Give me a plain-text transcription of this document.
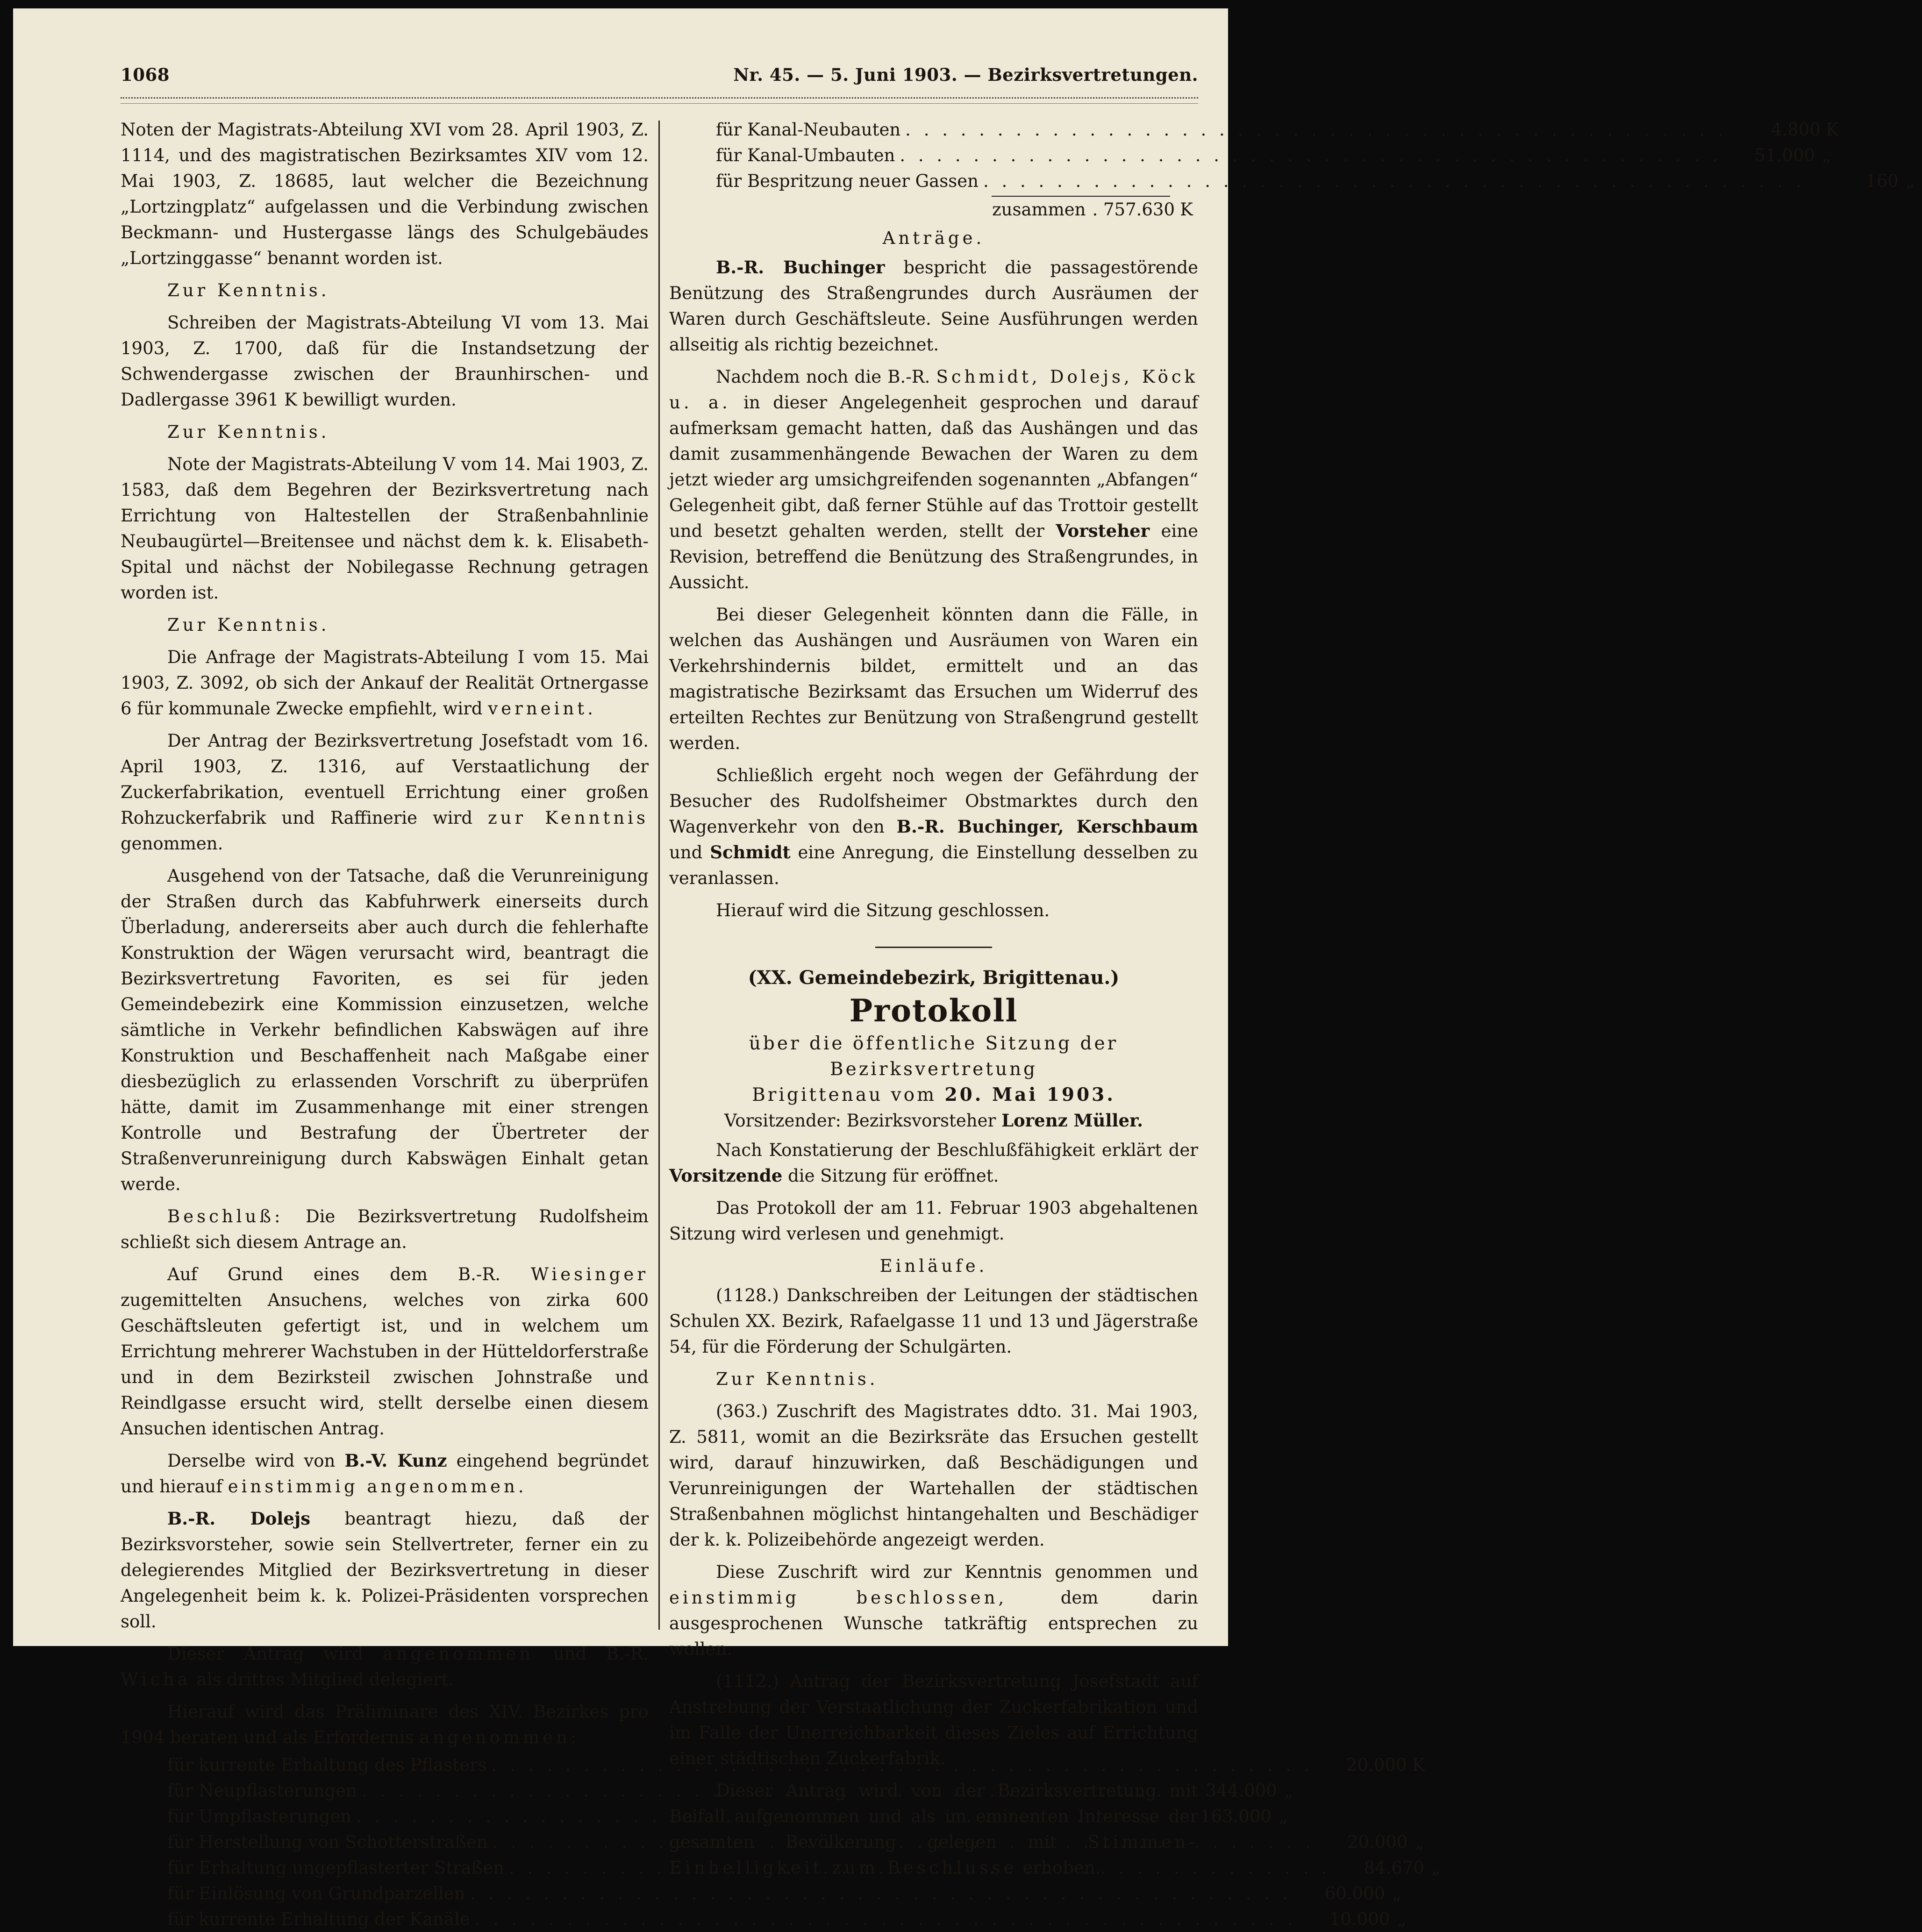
1068	Nr. 45. — 5. Juni 1903. — Bezirksvertretungen.

Noten der Magistrats-Abteilung XVI vom 28. April 1903, Z. 1114, und des magistratischen Bezirksamtes XIV vom 12. Mai 1903, Z. 18685, laut welcher die Bezeichnung „Lortzingplatz“ aufgelassen und die Verbindung zwischen Beckmann- und Hustergasse längs des Schulgebäudes „Lortzinggasse“ benannt worden ist.

Zur Kenntnis.

Schreiben der Magistrats-Abteilung VI vom 13. Mai 1903, Z. 1700, daß für die Instandsetzung der Schwendergasse zwischen der Braunhirschen- und Dadlergasse 3961 K bewilligt wurden.

Zur Kenntnis.

Note der Magistrats-Abteilung V vom 14. Mai 1903, Z. 1583, daß dem Begehren der Bezirksvertretung nach Errichtung von Haltestellen der Straßenbahnlinie Neubaugürtel—Breitensee und nächst dem k. k. Elisabeth-Spital und nächst der Nobilegasse Rechnung getragen worden ist.

Zur Kenntnis.

Die Anfrage der Magistrats-Abteilung I vom 15. Mai 1903, Z. 3092, ob sich der Ankauf der Realität Ortnergasse 6 für kommunale Zwecke empfiehlt, wird verneint.

Der Antrag der Bezirksvertretung Josefstadt vom 16. April 1903, Z. 1316, auf Verstaatlichung der Zuckerfabrikation, eventuell Errichtung einer großen Rohzuckerfabrik und Raffinerie wird zur Kenntnis genommen.

Ausgehend von der Tatsache, daß die Verunreinigung der Straßen durch das Kabfuhrwerk einerseits durch Überladung, andererseits aber auch durch die fehlerhafte Konstruktion der Wägen verursacht wird, beantragt die Bezirksvertretung Favoriten, es sei für jeden Gemeindebezirk eine Kommission einzusetzen, welche sämtliche in Verkehr befindlichen Kabswägen auf ihre Konstruktion und Beschaffenheit nach Maßgabe einer diesbezüglich zu erlassenden Vorschrift zu überprüfen hätte, damit im Zusammenhange mit einer strengen Kontrolle und Bestrafung der Übertreter der Straßenverunreinigung durch Kabswägen Einhalt getan werde.

Beschluß: Die Bezirksvertretung Rudolfsheim schließt sich diesem Antrage an.

Auf Grund eines dem B.-R. Wiesinger zugemittelten Ansuchens, welches von zirka 600 Geschäftsleuten gefertigt ist, und in welchem um Errichtung mehrerer Wachstuben in der Hütteldorferstraße und in dem Bezirksteil zwischen Johnstraße und Reindlgasse ersucht wird, stellt derselbe einen diesem Ansuchen identischen Antrag.

Derselbe wird von B.-V. Kunz eingehend begründet und hierauf einstimmig angenommen.

B.-R. Dolejs beantragt hiezu, daß der Bezirksvorsteher, sowie sein Stellvertreter, ferner ein zu delegierendes Mitglied der Bezirksvertretung in dieser Angelegenheit beim k. k. Polizei-Präsidenten vorsprechen soll.

Dieser Antrag wird angenommen und B.-R. Wicha als drittes Mitglied delegiert.

Hierauf wird das Präliminare des XIV. Bezirkes pro 1904 beraten und als Erfordernis angenommen:

für kurrente Erhaltung des Pflasters . . .	20.000 K
für Neupflasterungen . . .	344.000 „
für Umpflasterungen . . .	163.000 „
für Herstellung von Schotterstraßen . . .	20.000 „
für Erhaltung ungepflasterter Straßen . . .	84.670 „
für Einlösung von Grundparzellen . . .	60.000 „
für kurrente Erhaltung der Kanäle . . .	10.000 „
für Kanal-Neubauten . . .	4.800 K
für Kanal-Umbauten . . .	51.000 „
für Bespritzung neuer Gassen . . .	160 „
zusammen . 757.630 K

Anträge.

B.-R. Buchinger bespricht die passagestörende Benützung des Straßengrundes durch Ausräumen der Waren durch Geschäftsleute. Seine Ausführungen werden allseitig als richtig bezeichnet.

Nachdem noch die B.-R. Schmidt, Dolejs, Köck u. a. in dieser Angelegenheit gesprochen und darauf aufmerksam gemacht hatten, daß das Aushängen und das damit zusammenhängende Bewachen der Waren zu dem jetzt wieder arg umsichgreifenden sogenannten „Abfangen“ Gelegenheit gibt, daß ferner Stühle auf das Trottoir gestellt und besetzt gehalten werden, stellt der Vorsteher eine Revision, betreffend die Benützung des Straßengrundes, in Aussicht.

Bei dieser Gelegenheit könnten dann die Fälle, in welchen das Aushängen und Ausräumen von Waren ein Verkehrshindernis bildet, ermittelt und an das magistratische Bezirksamt das Ersuchen um Widerruf des erteilten Rechtes zur Benützung von Straßengrund gestellt werden.

Schließlich ergeht noch wegen der Gefährdung der Besucher des Rudolfsheimer Obstmarktes durch den Wagenverkehr von den B.-R. Buchinger, Kerschbaum und Schmidt eine Anregung, die Einstellung desselben zu veranlassen.

Hierauf wird die Sitzung geschlossen.

(XX. Gemeindebezirk, Brigittenau.)

Protokoll

über die öffentliche Sitzung der Bezirksvertretung

Brigittenau vom 20. Mai 1903.

Vorsitzender: Bezirksvorsteher Lorenz Müller.

Nach Konstatierung der Beschlußfähigkeit erklärt der Vorsitzende die Sitzung für eröffnet.

Das Protokoll der am 11. Februar 1903 abgehaltenen Sitzung wird verlesen und genehmigt.

Einläufe.

(1128.) Dankschreiben der Leitungen der städtischen Schulen XX. Bezirk, Rafaelgasse 11 und 13 und Jägerstraße 54, für die Förderung der Schulgärten.

Zur Kenntnis.

(363.) Zuschrift des Magistrates ddto. 31. Mai 1903, Z. 5811, womit an die Bezirksräte das Ersuchen gestellt wird, darauf hinzuwirken, daß Beschädigungen und Verunreinigungen der Wartehallen der städtischen Straßenbahnen möglichst hintangehalten und Beschädiger der k. k. Polizeibehörde angezeigt werden.

Diese Zuschrift wird zur Kenntnis genommen und einstimmig beschlossen,	dem darin ausgesprochenen Wunsche tatkräftig entsprechen zu wollen.

(1112.) Antrag der Bezirksvertretung Josefstadt auf Anstrebung der Verstaatlichung der Zuckerfabrikation und im Falle der Unerreichbarkeit dieses Zieles auf Errichtung einer städtischen Zuckerfabrik.

Dieser Antrag wird von der Bezirksvertretung mit Beifall aufgenommen und als im eminenten Interesse der gesamten Bevölkerung gelegen mit Stimmen-Einhelligkeit zum Beschlusse erhoben.
